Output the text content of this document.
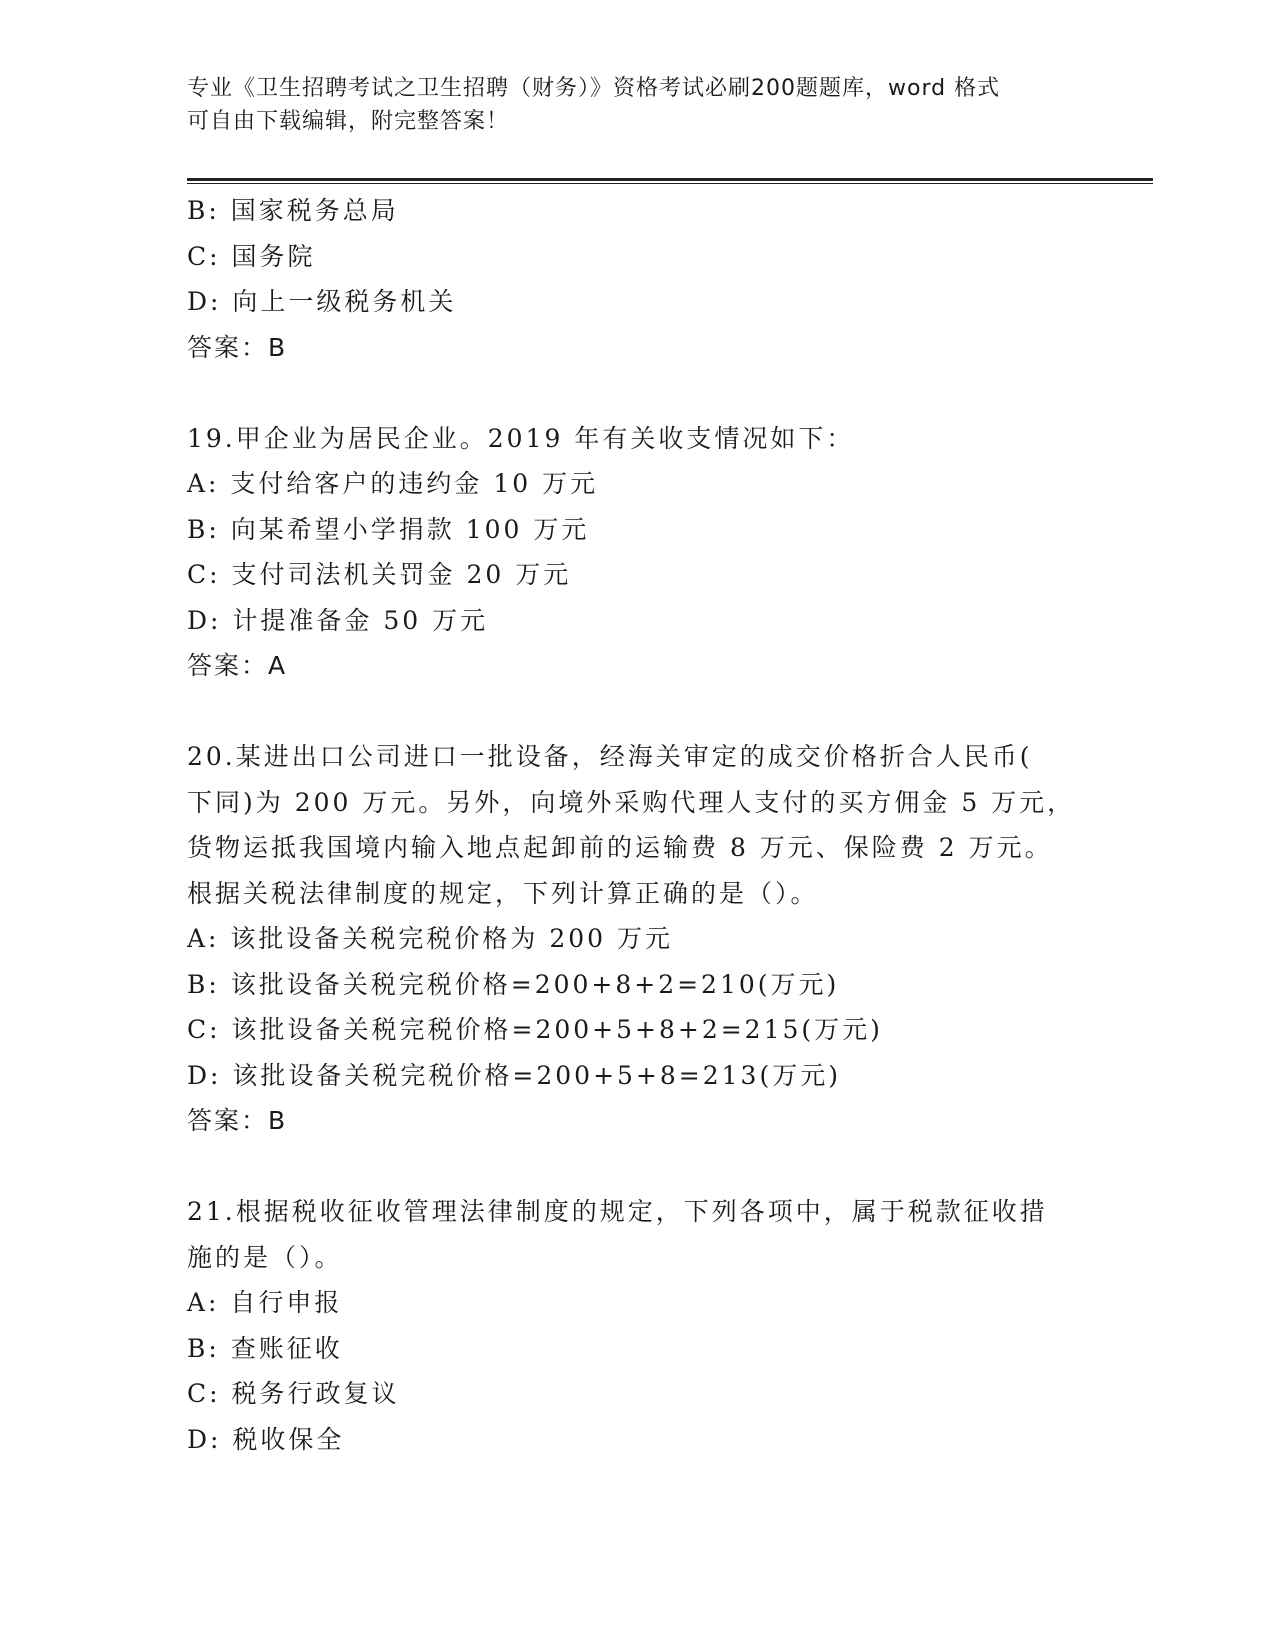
专业《卫生招聘考试之卫生招聘（财务）》资格考试必刷200题题库，word 格式
可自由下载编辑，附完整答案！
B: 国家税务总局
C: 国务院
D: 向上一级税务机关
答案：B
19.甲企业为居民企业。2019 年有关收支情况如下：
A: 支付给客户的违约金 10 万元
B: 向某希望小学捐款 100 万元
C: 支付司法机关罚金 20 万元
D: 计提准备金 50 万元
答案：A
20.某进出口公司进口一批设备，经海关审定的成交价格折合人民币(
下同)为 200 万元。另外，向境外采购代理人支付的买方佣金 5 万元，
货物运抵我国境内输入地点起卸前的运输费 8 万元、保险费 2 万元。
根据关税法律制度的规定，下列计算正确的是（）。
A: 该批设备关税完税价格为 200 万元
B: 该批设备关税完税价格=200+8+2=210(万元)
C: 该批设备关税完税价格=200+5+8+2=215(万元)
D: 该批设备关税完税价格=200+5+8=213(万元)
答案：B
21.根据税收征收管理法律制度的规定，下列各项中，属于税款征收措
施的是（）。
A: 自行申报
B: 查账征收
C: 税务行政复议
D: 税收保全
